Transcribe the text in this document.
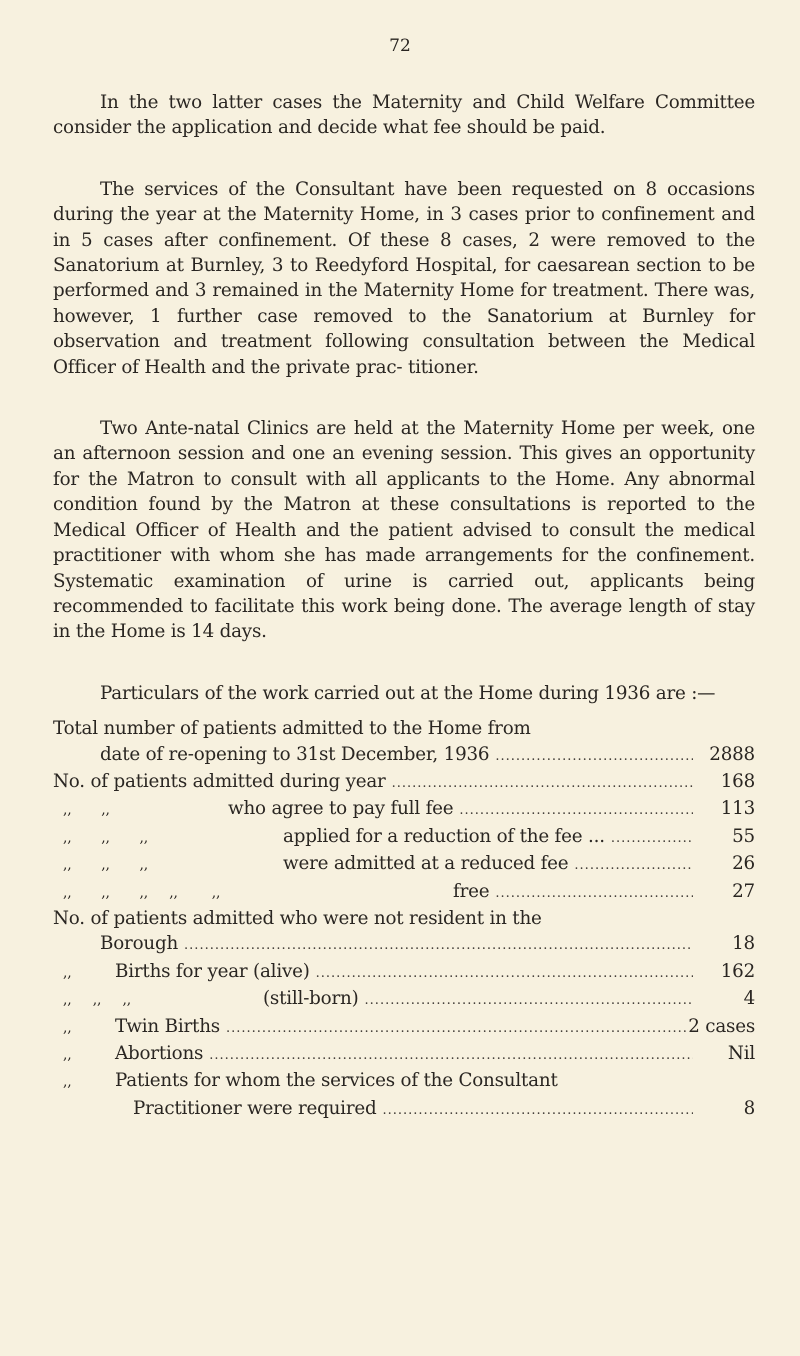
72

In the two latter cases the Maternity and Child Welfare Committee consider the application and decide what fee should be paid.

The services of the Consultant have been requested on 8 occasions during the year at the Maternity Home, in 3 cases prior to confinement and in 5 cases after confinement. Of these 8 cases, 2 were removed to the Sanatorium at Burnley, 3 to Reedyford Hospital, for caesarean section to be performed and 3 remained in the Maternity Home for treatment. There was, however, 1 further case removed to the Sanatorium at Burnley for observation and treatment following consultation between the Medical Officer of Health and the private prac- titioner.

Two Ante-natal Clinics are held at the Maternity Home per week, one an afternoon session and one an evening session. This gives an opportunity for the Matron to consult with all applicants to the Home. Any abnormal condition found by the Matron at these consultations is reported to the Medical Officer of Health and the patient advised to consult the medical practitioner with whom she has made arrangements for the confinement. Systematic examination of urine is carried out, applicants being recommended to facilitate this work being done. The average length of stay in the Home is 14 days.

Particulars of the work carried out at the Home during 1936 are :—

Total number of patients admitted to the Home from
date of re-opening to 31st December, 1936 .....	2888
No. of patients admitted during year .....	168
,,       ,,	who agree to pay full fee .....	113
,,       ,,       ,,	applied for a reduction of the fee ... .....	55
,,       ,,       ,,	were admitted at a reduced fee .....	26
,,       ,,       ,,     ,,        ,,	free .....	27
No. of patients admitted who were not resident in the
Borough .....	18
,,	Births for year (alive) .....	162
,,     ,,     ,,	(still-born) .....	4
,,	Twin Births .....	2 cases
,,	Abortions .....	Nil
,,	Patients for whom the services of the Consultant
Practitioner were required .....	8
